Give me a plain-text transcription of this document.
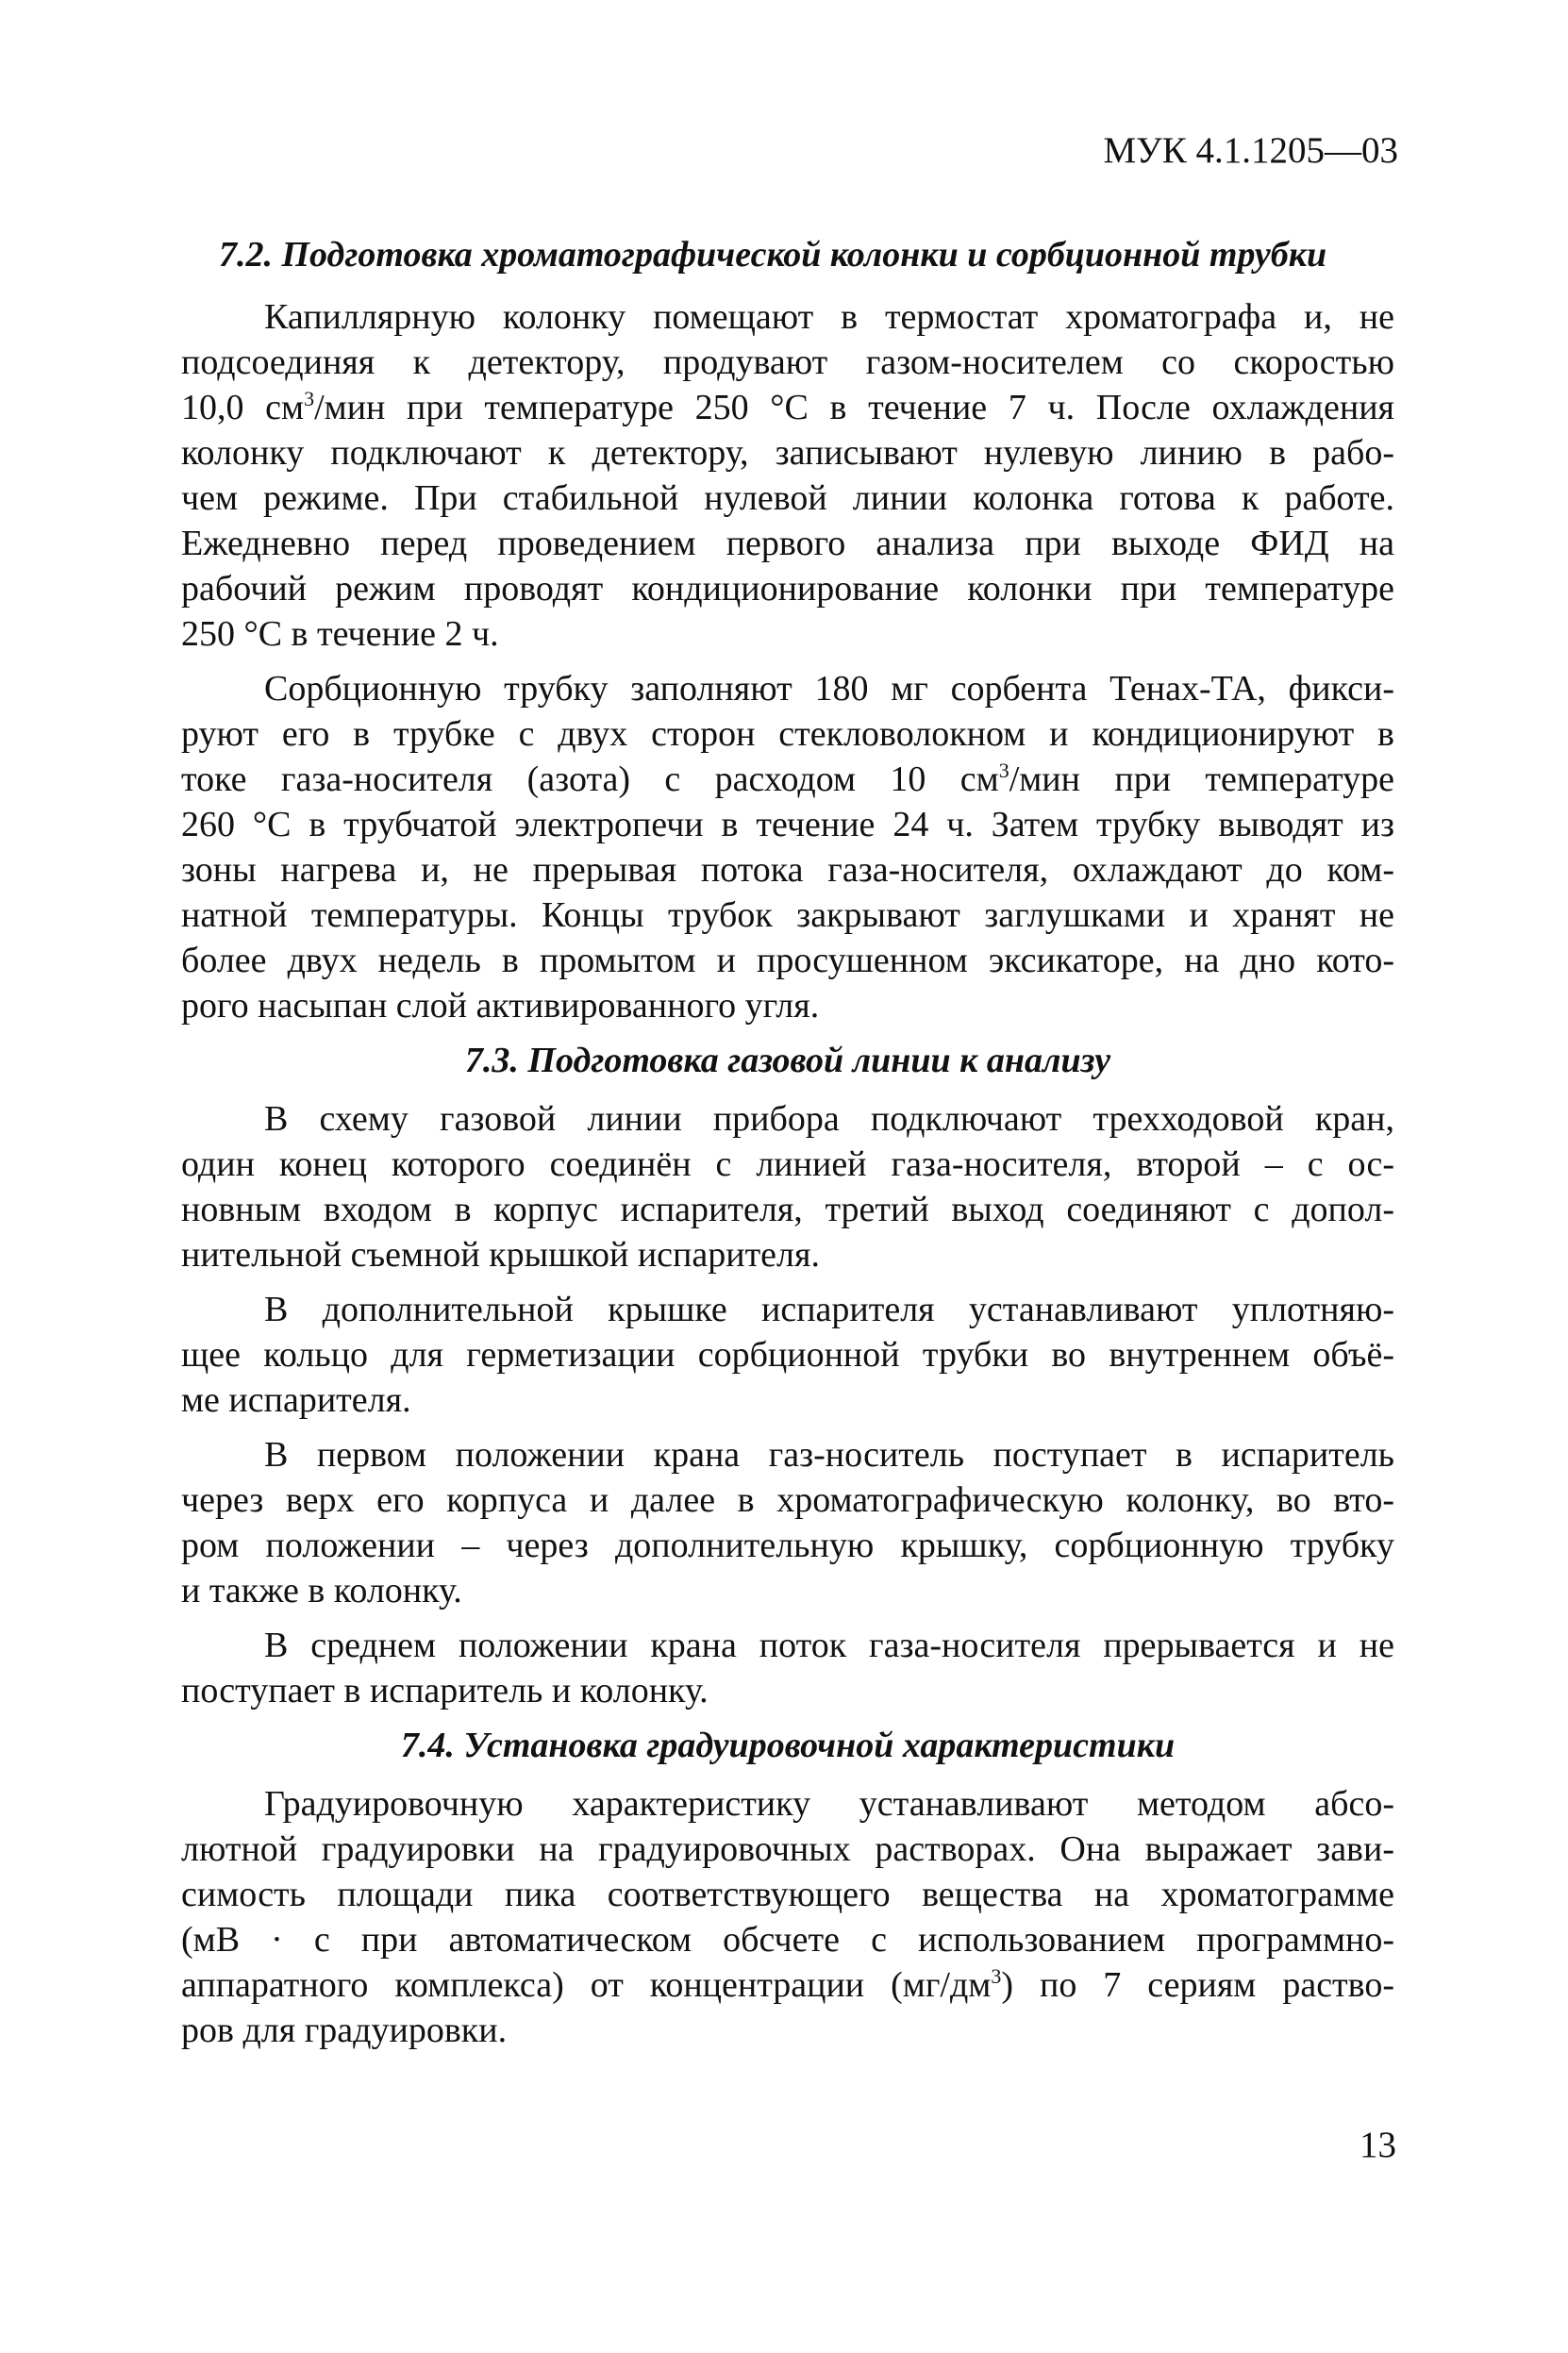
МУК 4.1.1205—03
7.2. Подготовка хроматографической колонки и сорбционной трубки
Капиллярную колонку помещают в термостат хроматографа и, не
подсоединяя к детектору, продувают газом-носителем со скоростью
10,0 $см^3$/мин при температуре 250 °С в течение 7 ч. После охлаждения
колонку подключают к детектору, записывают нулевую линию в рабо-
чем режиме. При стабильной нулевой линии колонка готова к работе.
Ежедневно перед проведением первого анализа при выходе ФИД на
рабочий режим проводят кондиционирование колонки при температуре
250 °С в течение 2 ч.
Сорбционную трубку заполняют 180 мг сорбента Тенах-ТА, фикси-
руют его в трубке с двух сторон стекловолокном и кондиционируют в
токе газа-носителя (азота) с расходом 10 $см^3$/мин при температуре
260 °С в трубчатой электропечи в течение 24 ч. Затем трубку выводят из
зоны нагрева и, не прерывая потока газа-носителя, охлаждают до ком-
натной температуры. Концы трубок закрывают заглушками и хранят не
более двух недель в промытом и просушенном эксикаторе, на дно кото-
рого насыпан слой активированного угля.
7.3. Подготовка газовой линии к анализу
В схему газовой линии прибора подключают трехходовой кран,
один конец которого соединён с линией газа-носителя, второй – с ос-
новным входом в корпус испарителя, третий выход соединяют с допол-
нительной съемной крышкой испарителя.
В дополнительной крышке испарителя устанавливают уплотняю-
щее кольцо для герметизации сорбционной трубки во внутреннем объё-
ме испарителя.
В первом положении крана газ-носитель поступает в испаритель
через верх его корпуса и далее в хроматографическую колонку, во вто-
ром положении – через дополнительную крышку, сорбционную трубку
и также в колонку.
В среднем положении крана поток газа-носителя прерывается и не
поступает в испаритель и колонку.
7.4. Установка градуировочной характеристики
Градуировочную характеристику устанавливают методом абсо-
лютной градуировки на градуировочных растворах. Она выражает зави-
симость площади пика соответствующего вещества на хроматограмме
(мВ · с при автоматическом обсчете с использованием программно-
аппаратного комплекса) от концентрации $(мг/дм^3)$ по 7 сериям раство-
ров для градуировки.
13
